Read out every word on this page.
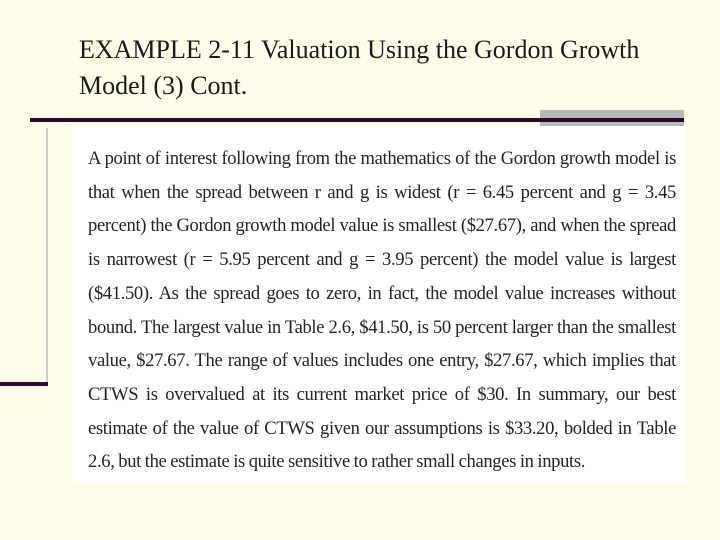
EXAMPLE 2-11 Valuation Using the Gordon Growth Model (3) Cont.

A point of interest following from the mathematics of the Gordon growth model is that when the spread between r and g is widest (r = 6.45 percent and g = 3.45 percent) the Gordon growth model value is smallest ($27.67), and when the spread is narrowest (r = 5.95 percent and g = 3.95 percent) the model value is largest ($41.50). As the spread goes to zero, in fact, the model value increases without bound. The largest value in Table 2.6, $41.50, is 50 percent larger than the smallest value, $27.67. The range of values includes one entry, $27.67, which implies that CTWS is overvalued at its current market price of $30. In summary, our best estimate of the value of CTWS given our assumptions is $33.20, bolded in Table 2.6, but the estimate is quite sensitive to rather small changes in inputs.
